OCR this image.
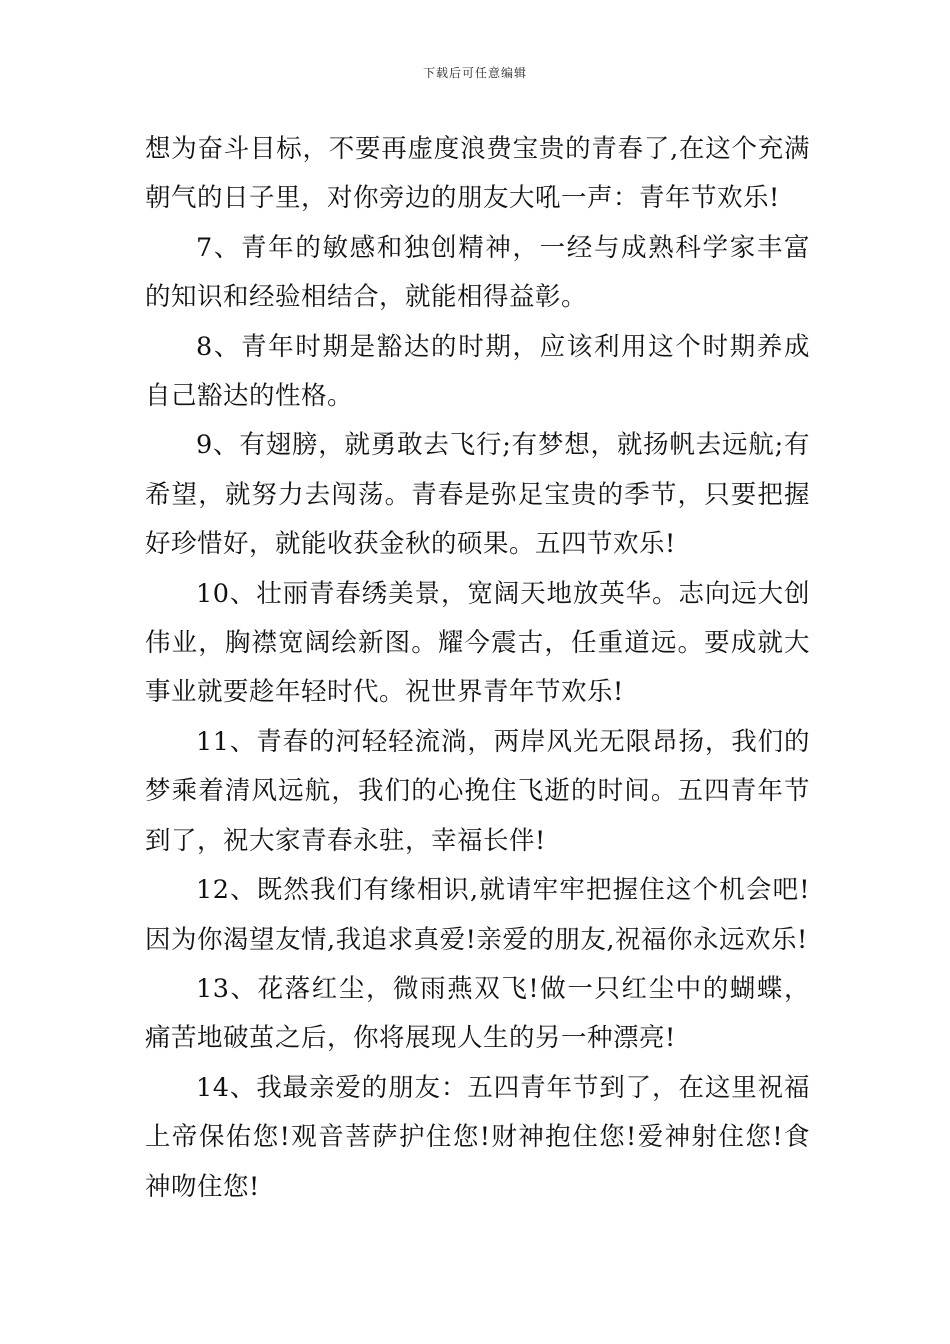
下载后可任意编辑

想为奋斗目标，不要再虚度浪费宝贵的青春了,在这个充满朝气的日子里，对你旁边的朋友大吼一声：青年节欢乐!

7、青年的敏感和独创精神，一经与成熟科学家丰富的知识和经验相结合，就能相得益彰。

8、青年时期是豁达的时期，应该利用这个时期养成自己豁达的性格。

9、有翅膀，就勇敢去飞行;有梦想，就扬帆去远航;有希望，就努力去闯荡。青春是弥足宝贵的季节，只要把握好珍惜好，就能收获金秋的硕果。五四节欢乐!

10、壮丽青春绣美景，宽阔天地放英华。志向远大创伟业，胸襟宽阔绘新图。耀今震古，任重道远。要成就大事业就要趁年轻时代。祝世界青年节欢乐!

11、青春的河轻轻流淌，两岸风光无限昂扬，我们的梦乘着清风远航，我们的心挽住飞逝的时间。五四青年节到了，祝大家青春永驻，幸福长伴!

12、既然我们有缘相识,就请牢牢把握住这个机会吧!因为你渴望友情,我追求真爱!亲爱的朋友,祝福你永远欢乐!

13、花落红尘，微雨燕双飞!做一只红尘中的蝴蝶，痛苦地破茧之后，你将展现人生的另一种漂亮!

14、我最亲爱的朋友：五四青年节到了，在这里祝福上帝保佑您!观音菩萨护住您!财神抱住您!爱神射住您!食神吻住您!
